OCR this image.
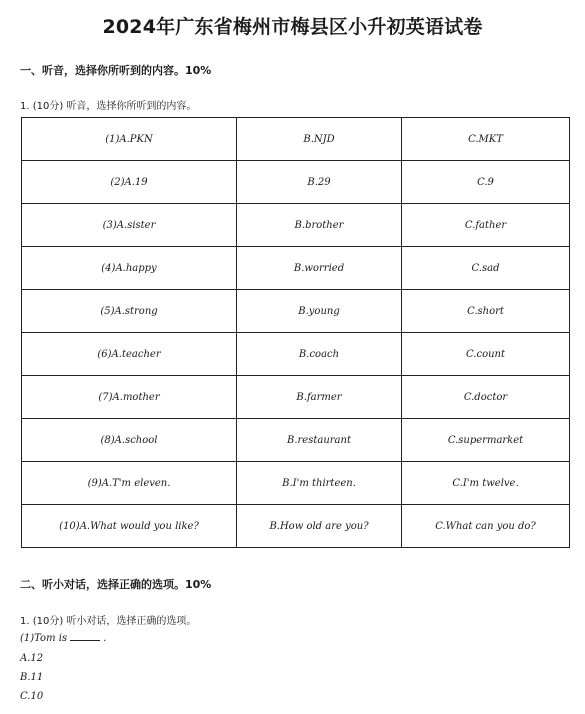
2024年广东省梅州市梅县区小升初英语试卷
一、听音，选择你所听到的内容。10%
1. (10分) 听音，选择你所听到的内容。
(1)A.PKN	B.NJD	C.MKT
(2)A.19	B.29	C.9
(3)A.sister	B.brother	C.father
(4)A.happy	B.worried	C.sad
(5)A.strong	B.young	C.short
(6)A.teacher	B.coach	C.count
(7)A.mother	B.farmer	C.doctor
(8)A.school	B.restaurant	C.supermarket
(9)A.T'm eleven.	B.I'm thirteen.	C.I'm twelve.
(10)A.What would you like?	B.How old are you?	C.What can you do?
二、听小对话，选择正确的选项。10%
1. (10分) 听小对话，选择正确的选项。
(1)Tom is	.
A.12
B.11
C.10
